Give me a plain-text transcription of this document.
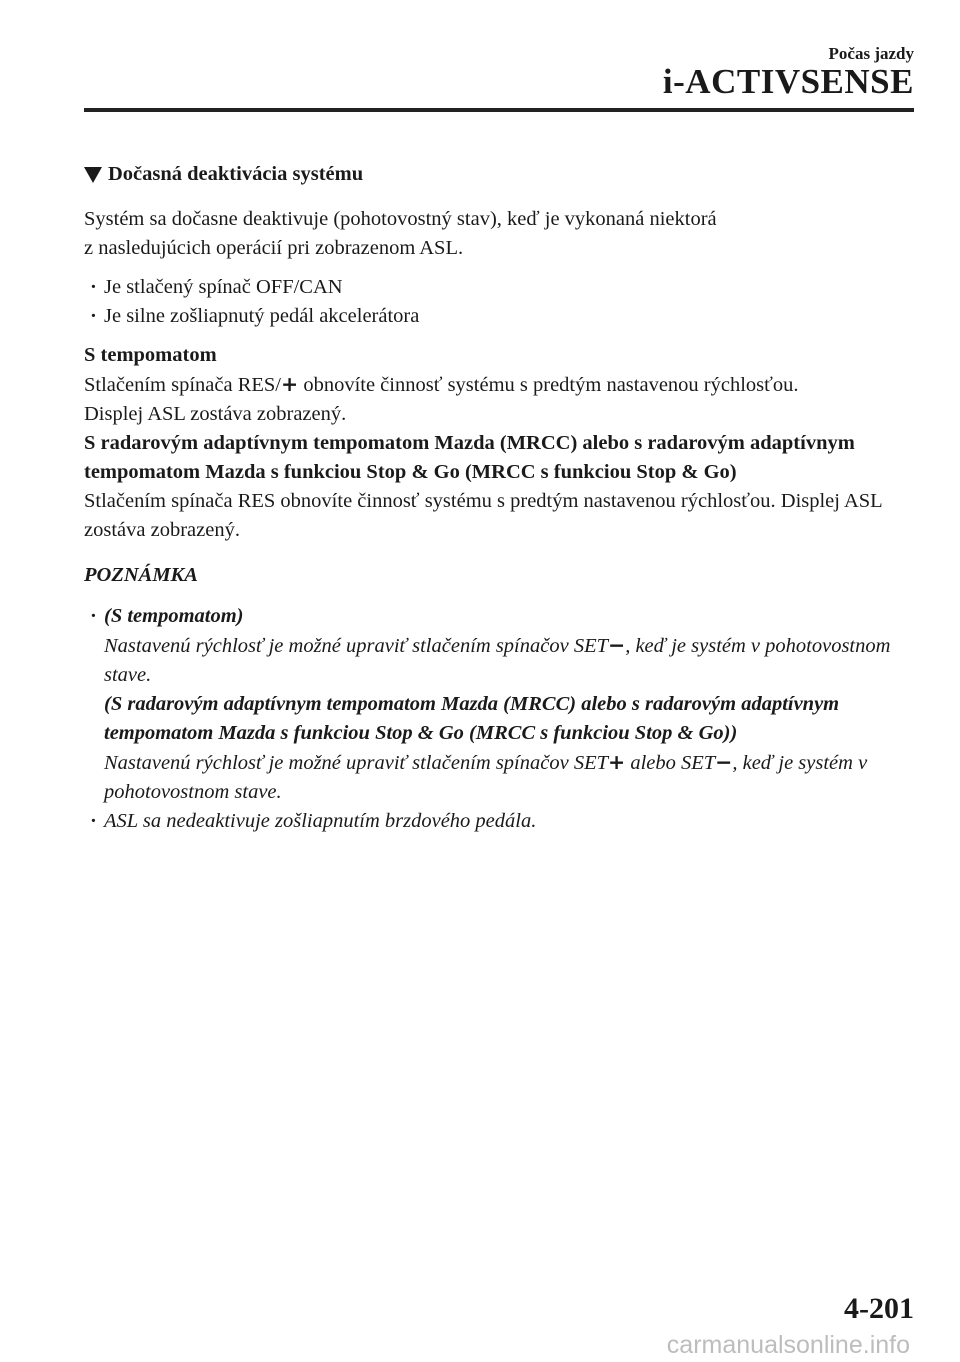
Počas jazdy
i-ACTIVSENSE
Dočasná deaktivácia systému

Systém sa dočasne deaktivuje (pohotovostný stav), keď je vykonaná niektorá

z nasledujúcich operácií pri zobrazenom ASL.

· Je stlačený spínač OFF/CAN
· Je silne zošliapnutý pedál akcelerátora

S tempomatom

Stlačením spínača RES/+ obnovíte činnosť systému s predtým nastavenou rýchlosťou.

Displej ASL zostáva zobrazený.

S radarovým adaptívnym tempomatom Mazda (MRCC) alebo s radarovým adaptívnym tempomatom Mazda s funkciou Stop & Go (MRCC s funkciou Stop & Go)

Stlačením spínača RES obnovíte činnosť systému s predtým nastavenou rýchlosťou. Displej ASL zostáva zobrazený.

POZNÁMKA
· (S tempomatom)
Nastavenú rýchlosť je možné upraviť stlačením spínačov SET−, keď je systém v pohotovostnom stave.
(S radarovým adaptívnym tempomatom Mazda (MRCC) alebo s radarovým adaptívnym tempomatom Mazda s funkciou Stop & Go (MRCC s funkciou Stop & Go))
Nastavenú rýchlosť je možné upraviť stlačením spínačov SET+ alebo SET−, keď je systém v pohotovostnom stave.
· ASL sa nedeaktivuje zošliapnutím brzdového pedála.
4-201
carmanualsonline.info
